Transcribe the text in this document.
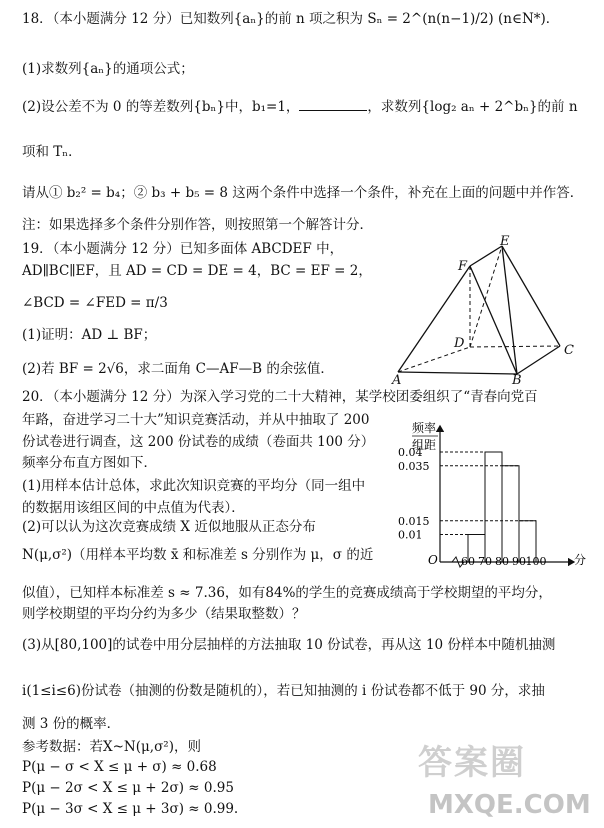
18．（本小题满分 12 分）已知数列{aₙ}的前 n 项之积为 Sₙ = 2^(n(n−1)/2) (n∈N*)．
(1)求数列{aₙ}的通项公式；
(2)设公差不为 0 的等差数列{bₙ}中，b₁=1，	，求数列{log₂ aₙ + 2^bₙ}的前 n
项和 Tₙ．
请从① b₂² = b₄；② b₃ + b₅ = 8 这两个条件中选择一个条件，补充在上面的问题中并作答．
注：如果选择多个条件分别作答，则按照第一个解答计分．
19．（本小题满分 12 分）已知多面体 ABCDEF 中，
AD∥BC∥EF，且 AD = CD = DE = 4，BC = EF = 2，
∠BCD = ∠FED = π/3
(1)证明：AD ⊥ BF；
(2)若 BF = 2√6，求二面角 C—AF—B 的余弦值．
A	B
C
D
E
F
20．（本小题满分 12 分）为深入学习党的二十大精神，某学校团委组织了“青春向党百
年路，奋进学习二十大”知识竞赛活动，并从中抽取了 200
份试卷进行调查，这 200 份试卷的成绩（卷面共 100 分）
频率分布直方图如下．
(1)用样本估计总体，求此次知识竞赛的平均分（同一组中
的数据用该组区间的中点值为代表）．
(2)可以认为这次竞赛成绩 X 近似地服从正态分布
N(μ,σ²)（用样本平均数 x̄ 和标准差 s 分别作为 μ，σ 的近
似值），已知样本标准差 s ≈ 7.36，如有84%的学生的竞赛成绩高于学校期望的平均分，
则学校期望的平均分约为多少（结果取整数）？
(3)从[80,100]的试卷中用分层抽样的方法抽取 10 份试卷，再从这 10 份样本中随机抽测
i(1≤i≤6)份试卷（抽测的份数是随机的），若已知抽测的 i 份试卷都不低于 90 分，求抽
测 3 份的概率．
参考数据：若X~N(μ,σ²)，则
P(μ − σ < X ≤ μ + σ) ≈ 0.68
P(μ − 2σ < X ≤ μ + 2σ) ≈ 0.95
P(μ − 3σ < X ≤ μ + 3σ) ≈ 0.99.
频率
组距
O	分
0.04
0.035
0.015
0.01
60 70 80 90 100
答案圈
MXQE.COM
